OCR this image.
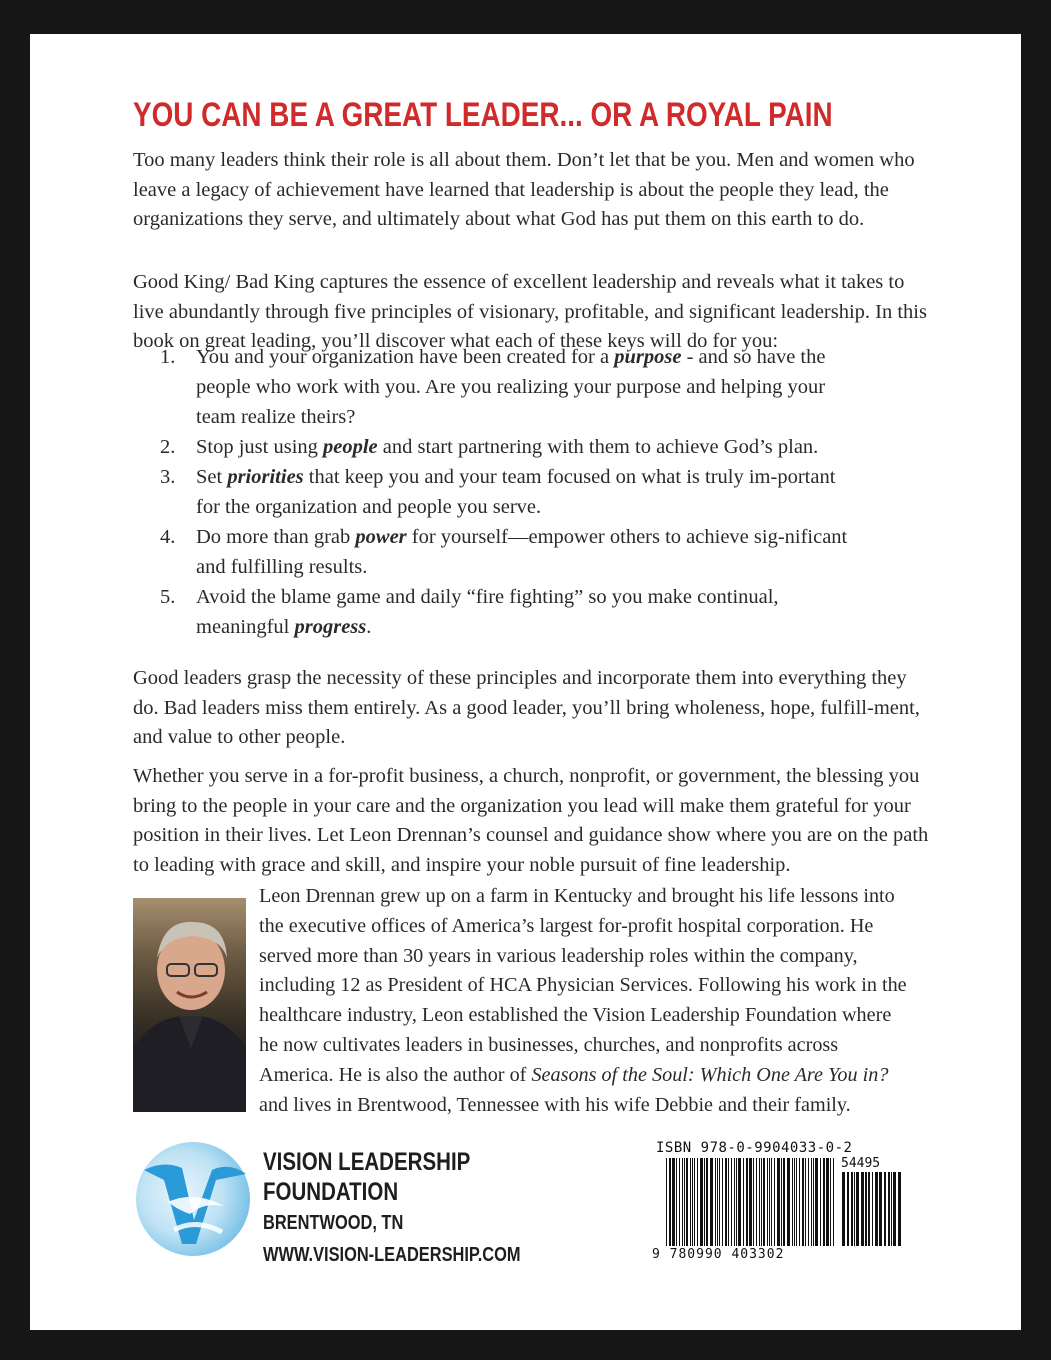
YOU CAN BE A GREAT LEADER... OR A ROYAL PAIN

Too many leaders think their role is all about them. Don’t let that be you. Men and women who leave a legacy of achievement have learned that leadership is about the people they lead, the organizations they serve, and ultimately about what God has put them on this earth to do.

Good King/ Bad King captures the essence of excellent leadership and reveals what it takes to live abundantly through five principles of visionary, profitable, and significant leadership. In this book on great leading, you’ll discover what each of these keys will do for you:

1. You and your organization have been created for a purpose - and so have the people who work with you. Are you realizing your purpose and helping your team realize theirs?
2. Stop just using people and start partnering with them to achieve God’s plan.
3. Set priorities that keep you and your team focused on what is truly im-portant for the organization and people you serve.
4. Do more than grab power for yourself—empower others to achieve sig-nificant and fulfilling results.
5. Avoid the blame game and daily “fire fighting” so you make continual, meaningful progress.

Good leaders grasp the necessity of these principles and incorporate them into everything they do. Bad leaders miss them entirely. As a good leader, you’ll bring wholeness, hope, fulfill-ment, and value to other people.

Whether you serve in a for-profit business, a church, nonprofit, or government, the blessing you bring to the people in your care and the organization you lead will make them grateful for your position in their lives. Let Leon Drennan’s counsel and guidance show where you are on the path to leading with grace and skill, and inspire your noble pursuit of fine leadership.

Leon Drennan grew up on a farm in Kentucky and brought his life lessons into the executive offices of America’s largest for-profit hospital corporation. He served more than 30 years in various leadership roles within the company, including 12 as President of HCA Physician Services. Following his work in the healthcare industry, Leon established the Vision Leadership Foundation where he now cultivates leaders in businesses, churches, and nonprofits across America. He is also the author of Seasons of the Soul: Which One Are You in? and lives in Brentwood, Tennessee with his wife Debbie and their family.

VISION LEADERSHIP
FOUNDATION
BRENTWOOD, TN
WWW.VISION-LEADERSHIP.COM
ISBN 978-0-9904033-0-2
54495
9 780990 403302
